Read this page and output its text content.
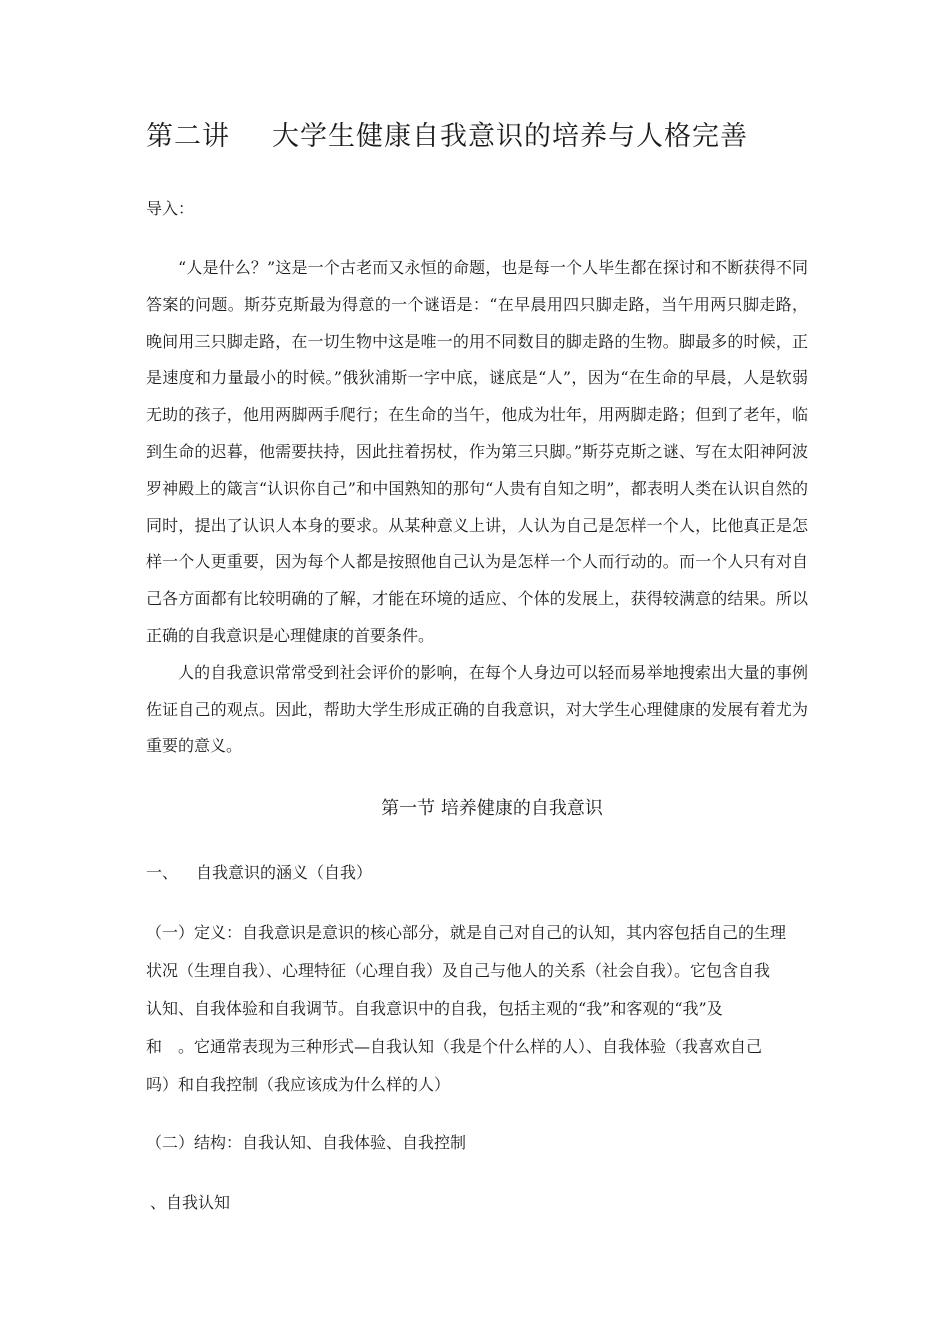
第二讲 大学生健康自我意识的培养与人格完善
导入：

“人是什么？”这是一个古老而又永恒的命题，也是每一个人毕生都在探讨和不断获得不同答案的问题。斯芬克斯最为得意的一个谜语是：“在早晨用四只脚走路，当午用两只脚走路，晚间用三只脚走路，在一切生物中这是唯一的用不同数目的脚走路的生物。脚最多的时候，正是速度和力量最小的时候。”俄狄浦斯一字中底，谜底是“人”，因为“在生命的早晨，人是软弱无助的孩子，他用两脚两手爬行；在生命的当午，他成为壮年，用两脚走路；但到了老年，临到生命的迟暮，他需要扶持，因此拄着拐杖，作为第三只脚。”斯芬克斯之谜、写在太阳神阿波罗神殿上的箴言“认识你自己”和中国熟知的那句“人贵有自知之明”，都表明人类在认识自然的同时，提出了认识人本身的要求。从某种意义上讲，人认为自己是怎样一个人，比他真正是怎样一个人更重要，因为每个人都是按照他自己认为是怎样一个人而行动的。而一个人只有对自己各方面都有比较明确的了解，才能在环境的适应、个体的发展上，获得较满意的结果。所以正确的自我意识是心理健康的首要条件。

人的自我意识常常受到社会评价的影响，在每个人身边可以轻而易举地搜索出大量的事例佐证自己的观点。因此，帮助大学生形成正确的自我意识，对大学生心理健康的发展有着尤为重要的意义。

第一节 培养健康的自我意识
一、 自我意识的涵义（自我）
（一）定义：自我意识是意识的核心部分，就是自己对自己的认知，其内容包括自己的生理
状况（生理自我）、心理特征（心理自我）及自己与他人的关系（社会自我）。它包含自我
认知、自我体验和自我调节。自我意识中的自我，包括主观的“我”和客观的“我”及
和　。它通常表现为三种形式—自我认知（我是个什么样的人）、自我体验（我喜欢自己
吗）和自我控制（我应该成为什么样的人）
（二）结构：自我认知、自我体验、自我控制
、自我认知
